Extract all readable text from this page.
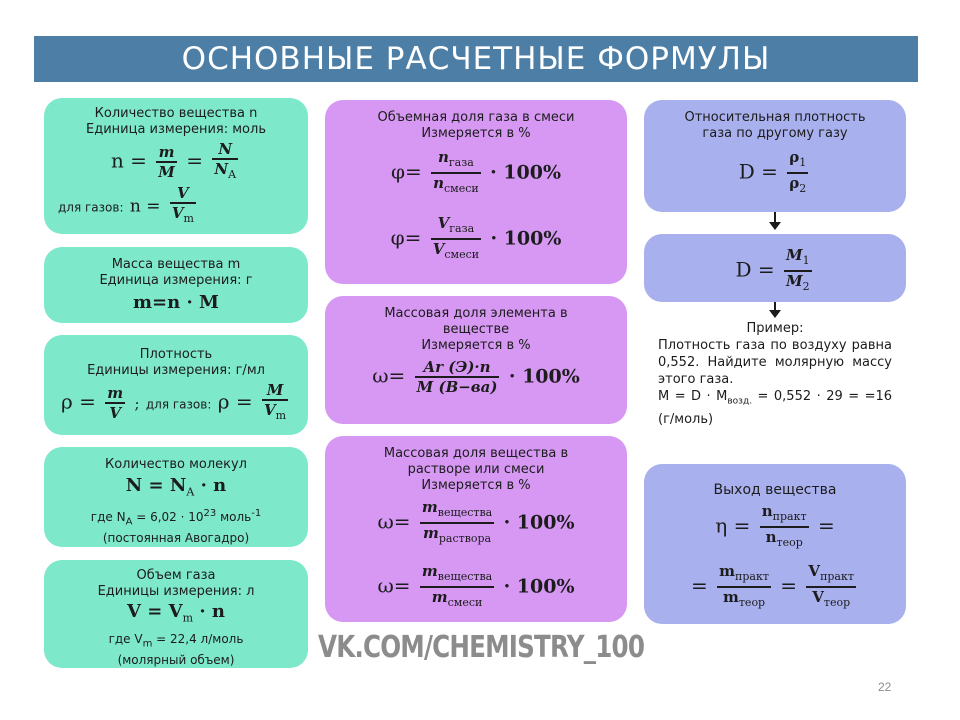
ОСНОВНЫЕ РАСЧЕТНЫЕ ФОРМУЛЫ
Количество вещества n
Единица измерения: моль
$n = \frac{m}{M} = \frac{N}{N_A}$
для газов: $n = \frac{V}{V_m}$
Масса вещества m
Единица измерения: г
m=n · M
Плотность
Единицы измерения: г/мл
$\rho = \frac{m}{V}$ ; для газов: $\rho = \frac{M}{V_m}$
Количество молекул
$N = N_A \cdot n$
где $N_A = 6,02 \cdot 10^{23}$ моль$^{-1}$
(постоянная Авогадро)
Объем газа
Единицы измерения: л
$V = V_m \cdot n$
где $V_m = 22,4$ л/моль
(молярный объем)
Объемная доля газа в смеси
Измеряется в %
φ=
$n_{газа}$
$n_{смеси}$
· 100%
φ=
$V_{газа}$
$V_{смеси}$
· 100%
Массовая доля элемента в
веществе
Измеряется в %
ω=	Ar (Э)·n
M (В−ва) · 100%
Массовая доля вещества в
растворе или смеси
Измеряется в %
ω=
$m_{вещества}$
$m_{раствора}$
· 100%
ω=
$m_{вещества}$
$m_{смеси}$
· 100%
Относительная плотность
газа по другому газу
$D = \frac{\rho_1}{\rho_2}$
$D = \frac{M_1}{M_2}$
Пример:
Плотность газа по воздуху равна 0,552. Найдите молярную массу этого газа.
$M = D \cdot M_{возд.} = 0,552 \cdot 29 = =16$ (г/моль)
Выход вещества
η =
$n_{практ}$
$n_{теор}$
=
=
$m_{практ}$
$m_{теор}$
=
$V_{практ}$
$V_{теор}$
VK.COM/CHEMISTRY_100
22
